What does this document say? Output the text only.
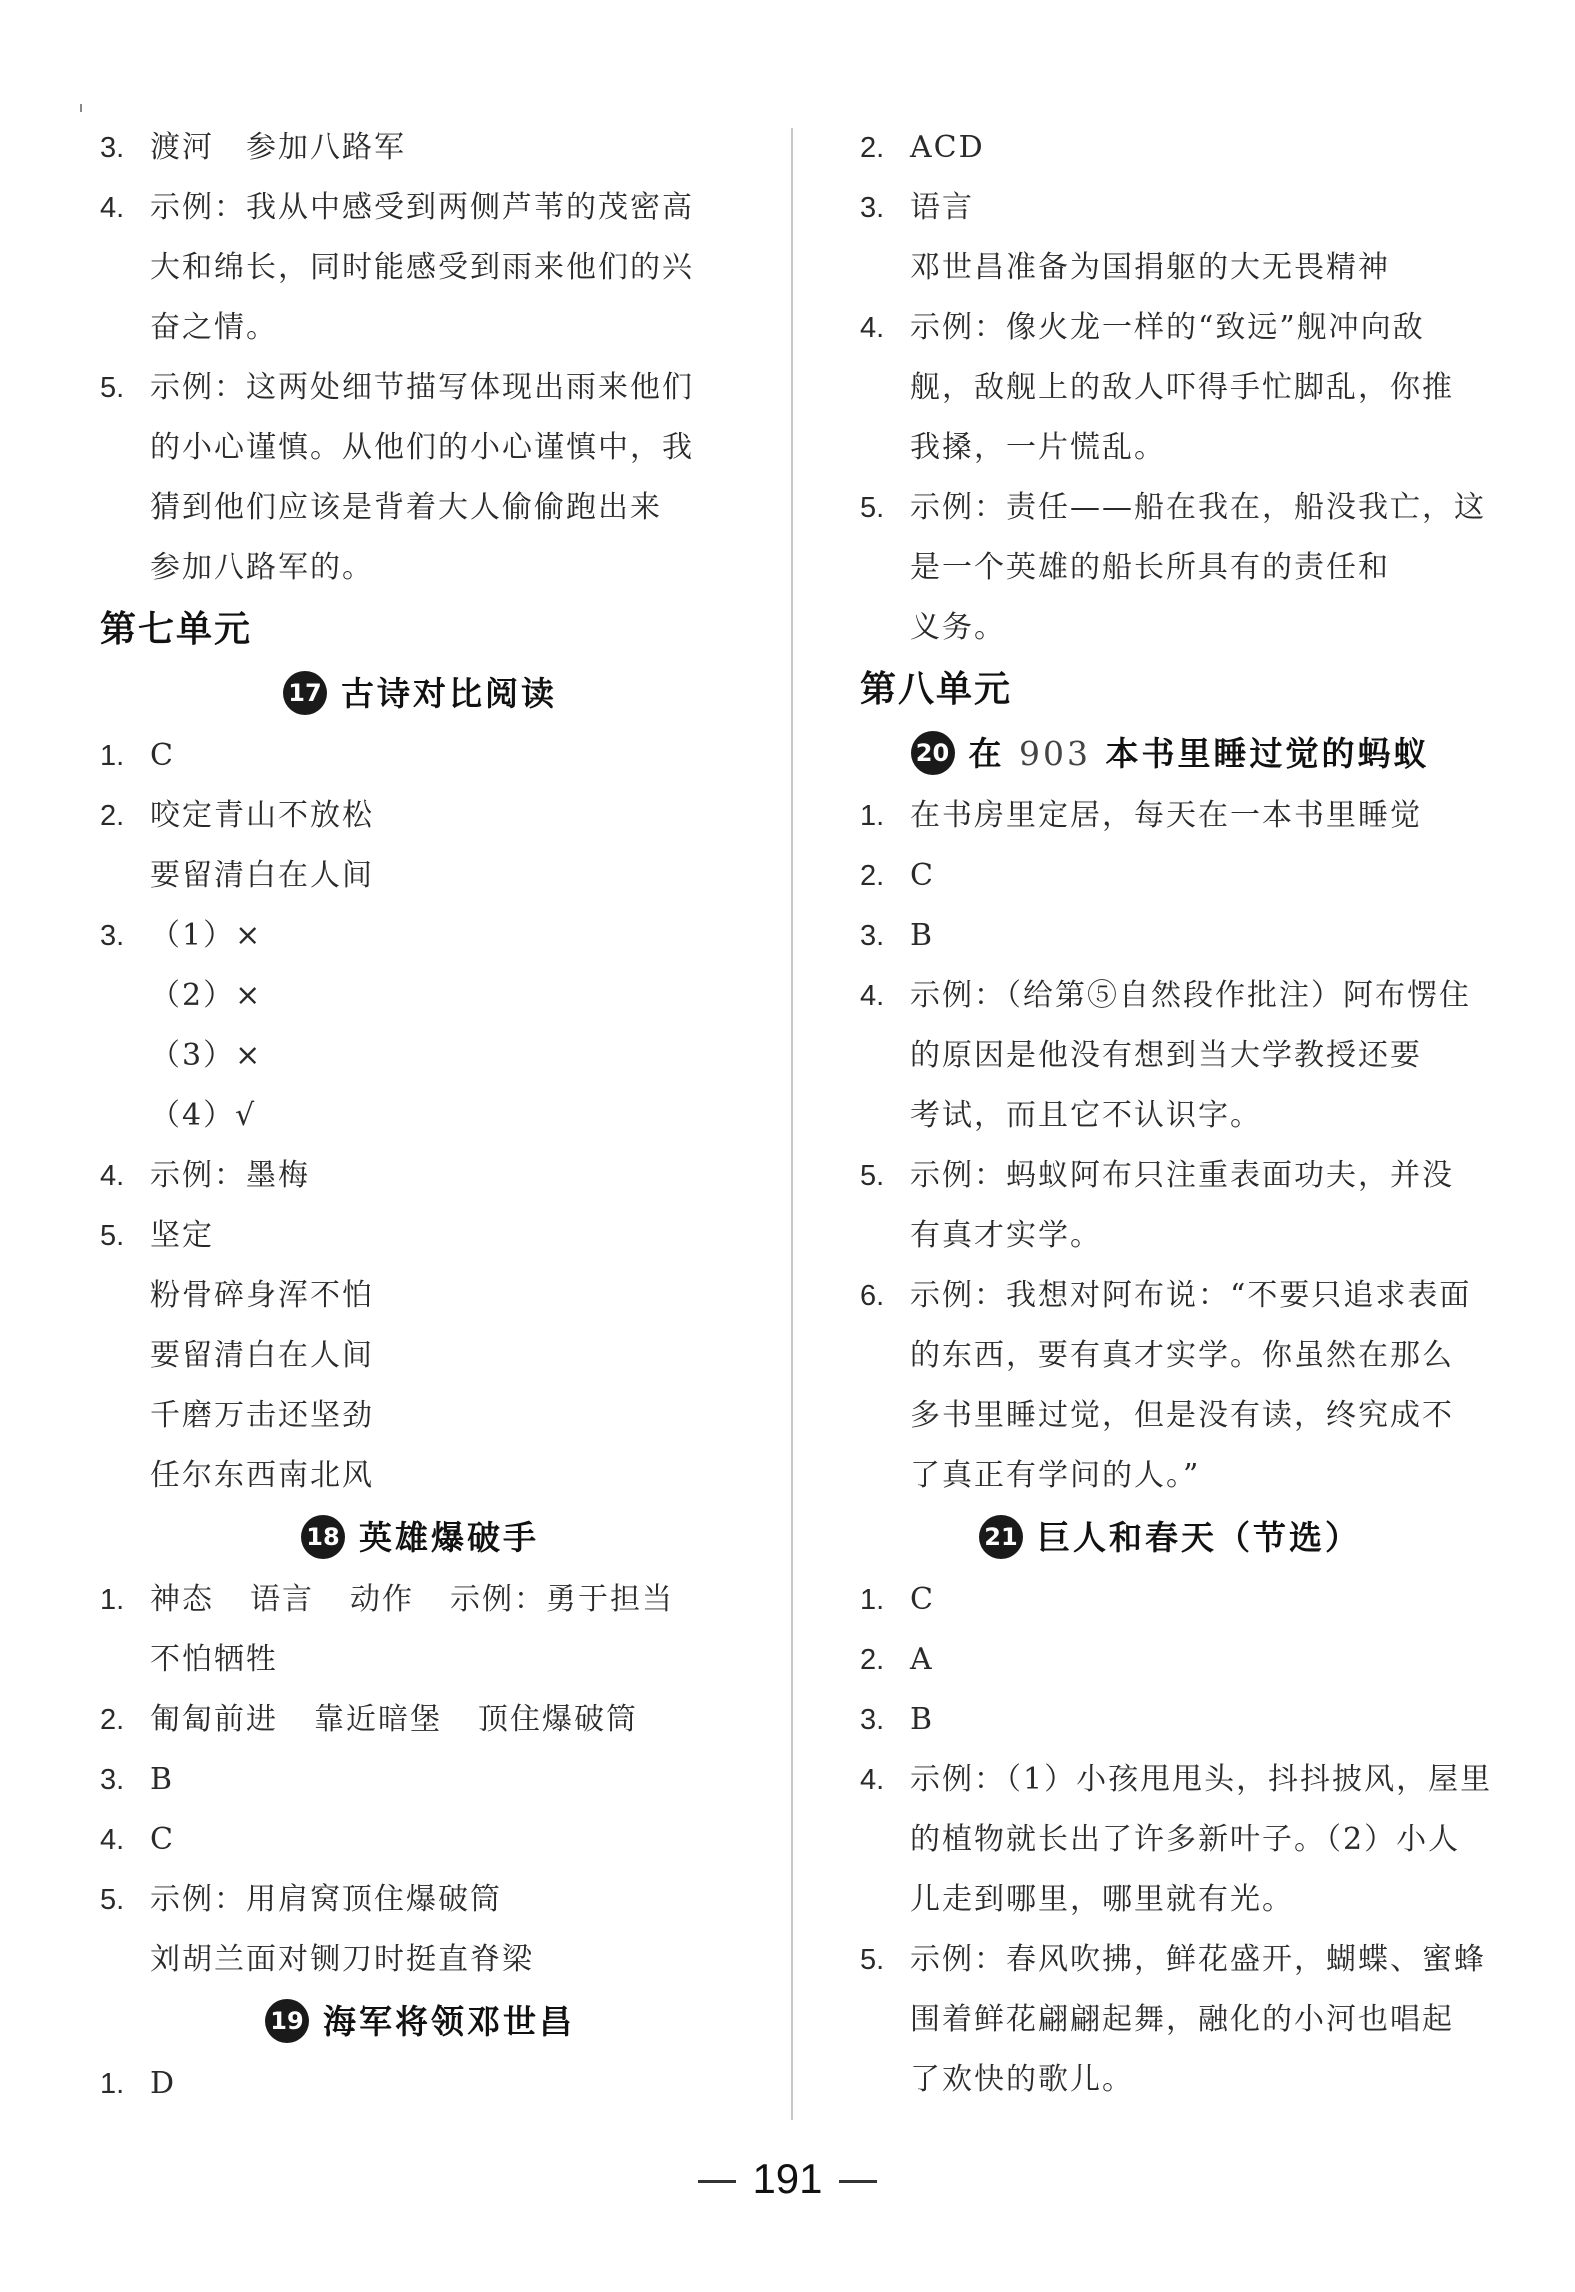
3. 渡河　参加八路军
4. 示例：我从中感受到两侧芦苇的茂密高
大和绵长，同时能感受到雨来他们的兴
奋之情。
5. 示例：这两处细节描写体现出雨来他们
的小心谨慎。从他们的小心谨慎中，我
猜到他们应该是背着大人偷偷跑出来
参加八路军的。
第七单元
17 古诗对比阅读
1. C
2. 咬定青山不放松
要留清白在人间
3. （1）×
（2）×
（3）×
（4）√
4. 示例：墨梅
5. 坚定
粉骨碎身浑不怕
要留清白在人间
千磨万击还坚劲
任尔东西南北风
18 英雄爆破手
1. 神态 语言 动作 示例：勇于担当
不怕牺牲
2. 匍匐前进 靠近暗堡 顶住爆破筒
3. B
4. C
5. 示例：用肩窝顶住爆破筒
刘胡兰面对铡刀时挺直脊梁
19 海军将领邓世昌
1. D
2. ACD
3. 语言
邓世昌准备为国捐躯的大无畏精神
4. 示例：像火龙一样的“致远”舰冲向敌
舰，敌舰上的敌人吓得手忙脚乱，你推
我搡，一片慌乱。
5. 示例：责任——船在我在，船没我亡，这
是一个英雄的船长所具有的责任和
义务。
第八单元
20 在 903 本书里睡过觉的蚂蚁
1. 在书房里定居，每天在一本书里睡觉
2. C
3. B
4. 示例：（给第⑤自然段作批注）阿布愣住
的原因是他没有想到当大学教授还要
考试，而且它不认识字。
5. 示例：蚂蚁阿布只注重表面功夫，并没
有真才实学。
6. 示例：我想对阿布说：“不要只追求表面
的东西，要有真才实学。你虽然在那么
多书里睡过觉，但是没有读，终究成不
了真正有学问的人。”
21 巨人和春天（节选）
1. C
2. A
3. B
4. 示例：（1）小孩甩甩头，抖抖披风，屋里
的植物就长出了许多新叶子。（2）小人
儿走到哪里，哪里就有光。
5. 示例：春风吹拂，鲜花盛开，蝴蝶、蜜蜂
围着鲜花翩翩起舞，融化的小河也唱起
了欢快的歌儿。
191
